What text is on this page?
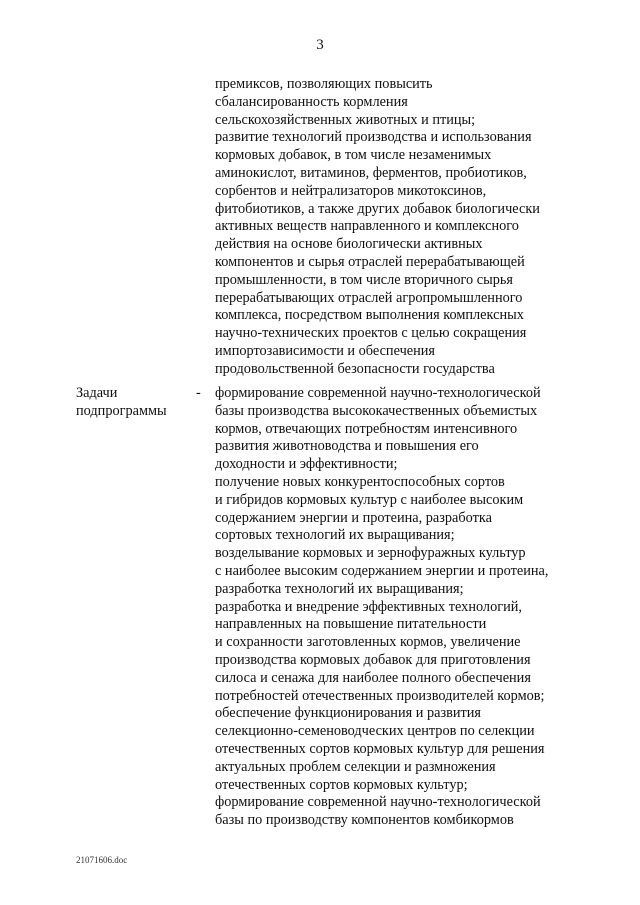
3
премиксов, позволяющих повысить
сбалансированность кормления
сельскохозяйственных животных и птицы;
развитие технологий производства и использования
кормовых добавок, в том числе незаменимых
аминокислот, витаминов, ферментов, пробиотиков,
сорбентов и нейтрализаторов микотоксинов,
фитобиотиков, а также других добавок биологически
активных веществ направленного и комплексного
действия на основе биологически активных
компонентов и сырья отраслей перерабатывающей
промышленности, в том числе вторичного сырья
перерабатывающих отраслей агропромышленного
комплекса, посредством выполнения комплексных
научно-технических проектов с целью сокращения
импортозависимости и обеспечения
продовольственной безопасности государства
Задачи
подпрограммы
- формирование современной научно-технологической
базы производства высококачественных объемистых
кормов, отвечающих потребностям интенсивного
развития животноводства и повышения его
доходности и эффективности;
получение новых конкурентоспособных сортов
и гибридов кормовых культур с наиболее высоким
содержанием энергии и протеина, разработка
сортовых технологий их выращивания;
возделывание кормовых и зернофуражных культур
с наиболее высоким содержанием энергии и протеина,
разработка технологий их выращивания;
разработка и внедрение эффективных технологий,
направленных на повышение питательности
и сохранности заготовленных кормов, увеличение
производства кормовых добавок для приготовления
силоса и сенажа для наиболее полного обеспечения
потребностей отечественных производителей кормов;
обеспечение функционирования и развития
селекционно-семеноводческих центров по селекции
отечественных сортов кормовых культур для решения
актуальных проблем селекции и размножения
отечественных сортов кормовых культур;
формирование современной научно-технологической
базы по производству компонентов комбикормов
21071606.doc
